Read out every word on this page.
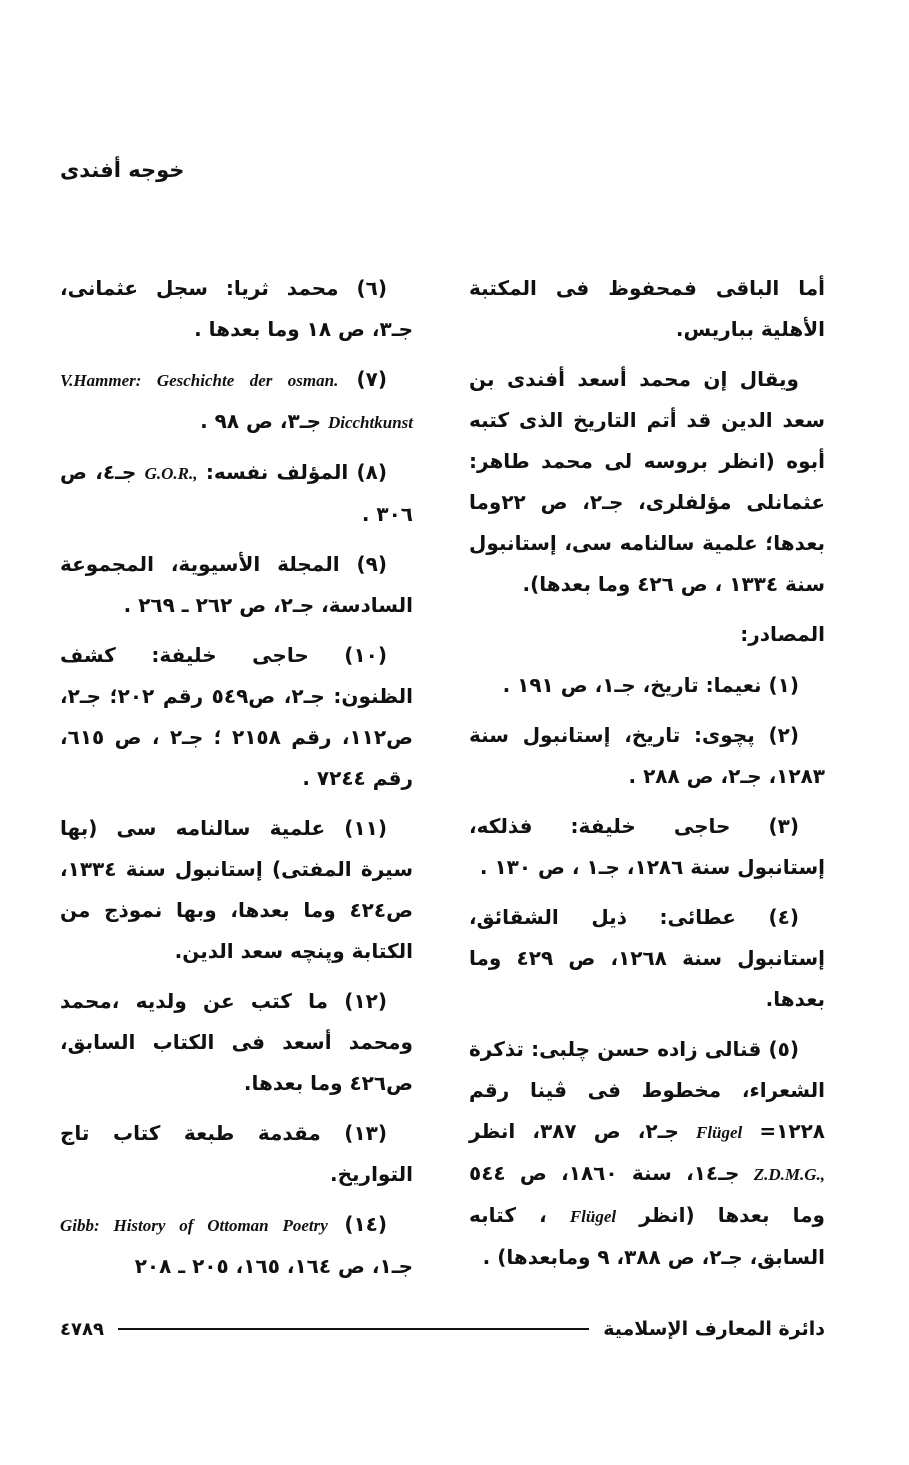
خوجه أفندى

أما الباقى فمحفوظ فى المكتبة الأهلية بباريس.

ويقال إن محمد أسعد أفندى بن سعد الدين قد أتم التاريخ الذى كتبه أبوه (انظر بروسه لى محمد طاهر: عثمانلى مؤلفلرى، جـ٢، ص ٢٢وما بعدها؛ علمية سالنامه سى، إستانبول سنة ١٣٣٤ ، ص ٤٢٦ وما بعدها).

المصادر:

(١) نعيما: تاريخ، جـ١، ص ١٩١ .

(٢) پچوى: تاريخ، إستانبول سنة ١٢٨٣، جـ٢، ص ٢٨٨ .

(٣) حاجى خليفة: فذلكه، إستانبول سنة ١٢٨٦، جـ١ ، ص ١٣٠ .

(٤) عطائى: ذيل الشقائق، إستانبول سنة ١٢٦٨، ص ٤٢٩ وما بعدها.

(٥) قنالى زاده حسن چلبى: تذكرة الشعراء، مخطوط فى ڤينا رقم ١٢٢٨= Flügel جـ٢، ص ٣٨٧، انظر Z.D.M.G., جـ١٤، سنة ١٨٦٠، ص ٥٤٤ وما بعدها (انظر Flügel ، كتابه السابق، جـ٢، ص ٣٨٨، ٩ ومابعدها) .

(٦) محمد ثريا: سجل عثمانى، جـ٣، ص ١٨ وما بعدها .

(٧) V.Hammer: Geschichte der osman. Dicchtkunst جـ٣، ص ٩٨ .

(٨) المؤلف نفسه: G.O.R., جـ٤، ص ٣٠٦ .

(٩) المجلة الأسيوية، المجموعة السادسة، جـ٢، ص ٢٦٢ ـ ٢٦٩ .

(١٠) حاجى خليفة: كشف الظنون: جـ٢، ص٥٤٩ رقم ٢٠٢؛ جـ٢، ص١١٢، رقم ٢١٥٨ ؛ جـ٢ ، ص ٦١٥، رقم ٧٢٤٤ .

(١١) علمية سالنامه سى (بها سيرة المفتى) إستانبول سنة ١٣٣٤، ص٤٢٤ وما بعدها، وبها نموذج من الكتابة وپنچه سعد الدين.

(١٢) ما كتب عن ولديه ،محمد ومحمد أسعد فى الكتاب السابق، ص٤٢٦ وما بعدها.

(١٣) مقدمة طبعة كتاب تاج التواريخ.

(١٤) Gibb: History of Ottoman Poetry جـ١، ص ١٦٤، ١٦٥، ٢٠٥ ـ ٢٠٨

دائرة المعارف الإسلامية
٤٧٨٩
